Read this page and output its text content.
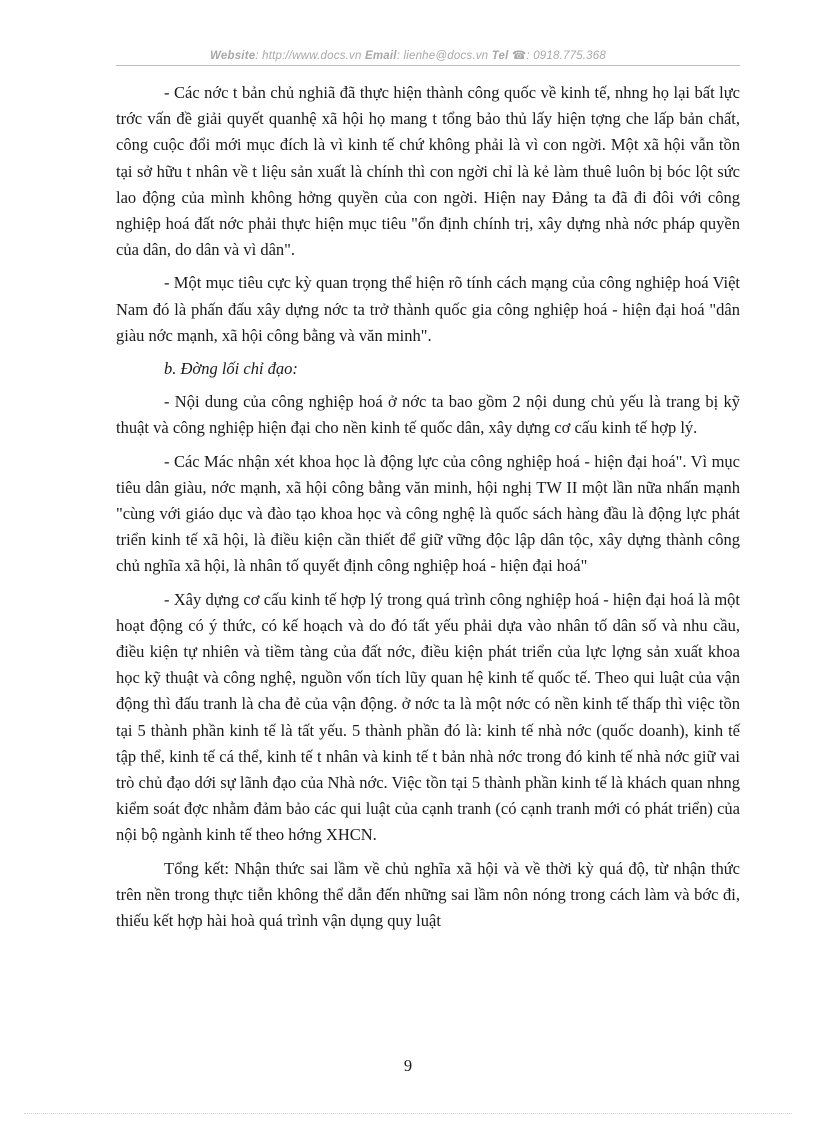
Website: http://www.docs.vn Email: lienhe@docs.vn Tel ☎: 0918.775.368

- Các nớc t bản chủ nghiã đã thực hiện thành công quốc về kinh tế, nhng họ lại bất lực trớc vấn đề giải quyết quanhệ xã hội họ mang t tổng bảo thủ lấy hiện tợng che lấp bản chất, công cuộc đổi mới mục đích là vì kinh tế chứ không phải là vì con ngời. Một xã hội vẫn tồn tại sở hữu t nhân về t liệu sản xuất là chính thì con ngời chỉ là kẻ làm thuê luôn bị bóc lột sức lao động của mình không hởng quyền của con ngời. Hiện nay Đảng ta đã đi đôi với công nghiệp hoá đất nớc phải thực hiện mục tiêu "ổn định chính trị, xây dựng nhà nớc pháp quyền của dân, do dân và vì dân".

- Một mục tiêu cực kỳ quan trọng thể hiện rõ tính cách mạng của công nghiệp hoá Việt Nam đó là phấn đấu xây dựng nớc ta trở thành quốc gia công nghiệp hoá - hiện đại hoá "dân giàu nớc mạnh, xã hội công bằng và văn minh".

b. Đờng lối chỉ đạo:

- Nội dung của công nghiệp hoá ở nớc ta bao gồm 2 nội dung chủ yếu là trang bị kỹ thuật và công nghiệp hiện đại cho nền kinh tế quốc dân, xây dựng cơ cấu kinh tế hợp lý.

- Các Mác nhận xét khoa học là động lực của công nghiệp hoá - hiện đại hoá". Vì mục tiêu dân giàu, nớc mạnh, xã hội công bằng văn minh, hội nghị TW II một lần nữa nhấn mạnh "cùng với giáo dục và đào tạo khoa học và công nghệ là quốc sách hàng đầu là động lực phát triển kinh tế xã hội, là điều kiện cần thiết để giữ vững độc lập dân tộc, xây dựng thành công chủ nghĩa xã hội, là nhân tố quyết định công nghiệp hoá - hiện đại hoá"

- Xây dựng cơ cấu kinh tế hợp lý trong quá trình công nghiệp hoá - hiện đại hoá là một hoạt động có ý thức, có kế hoạch và do đó tất yếu phải dựa vào nhân tố dân số và nhu cầu, điều kiện tự nhiên và tiềm tàng của đất nớc, điều kiện phát triển của lực lợng sản xuất khoa học kỹ thuật và công nghệ, nguồn vốn tích lũy quan hệ kinh tế quốc tế. Theo qui luật của vận động thì đấu tranh là cha đẻ của vận động. ở nớc ta là một nớc có nền kinh tế thấp thì việc tồn tại 5 thành phần kinh tế là tất yếu. 5 thành phần đó là: kinh tế nhà nớc (quốc doanh), kinh tế tập thể, kinh tế cá thể, kinh tế t nhân và kinh tế t bản nhà nớc trong đó kinh tế nhà nớc giữ vai trò chủ đạo dới sự lãnh đạo của Nhà nớc. Việc tồn tại 5 thành phần kinh tế là khách quan nhng kiểm soát đợc nhằm đảm bảo các qui luật của cạnh tranh (có cạnh tranh mới có phát triển) của nội bộ ngành kinh tế theo hớng XHCN.

Tổng kết: Nhận thức sai lầm về chủ nghĩa xã hội và về thời kỳ quá độ, từ nhận thức trên nền trong thực tiễn không thể dẫn đến những sai lầm nôn nóng trong cách làm và bớc đi, thiếu kết hợp hài hoà quá trình vận dụng quy luật

9
